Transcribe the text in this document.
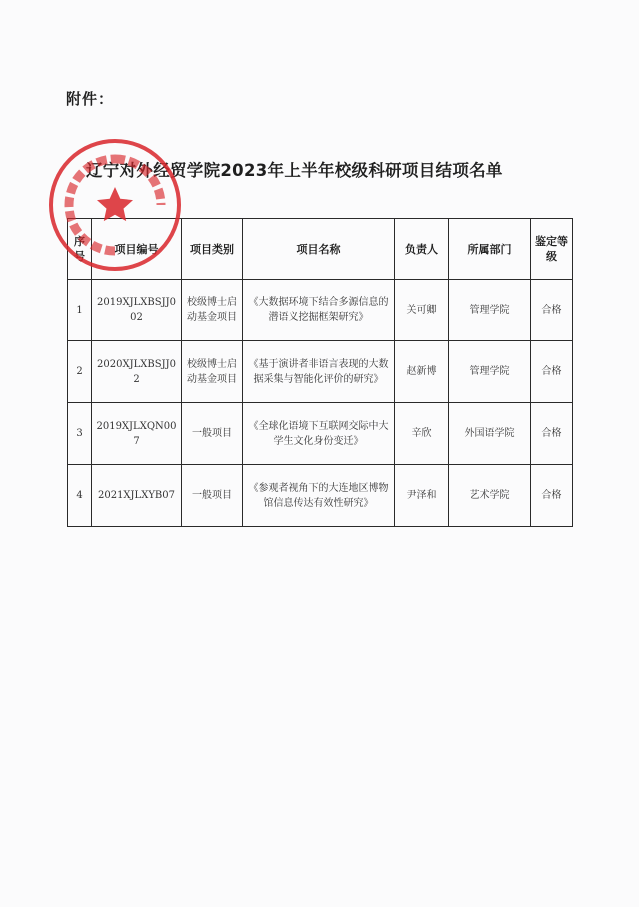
附件：
辽宁对外经贸学院2023年上半年校级科研项目结项名单
序号	项目编号	项目类别	项目名称	负责人	所属部门	鉴定等级
1	2019XJLXBSJJ002	校级博士启动基金项目	《大数据环境下结合多源信息的潜语义挖掘框架研究》	关可卿	管理学院	合格
2	2020XJLXBSJJ02	校级博士启动基金项目	《基于演讲者非语言表现的大数据采集与智能化评价的研究》	赵新博	管理学院	合格
3	2019XJLXQN007	一般项目	《全球化语境下互联网交际中大学生文化身份变迁》	辛欣	外国语学院	合格
4	2021XJLXYB07	一般项目	《参观者视角下的大连地区博物馆信息传达有效性研究》	尹泽和	艺术学院	合格
